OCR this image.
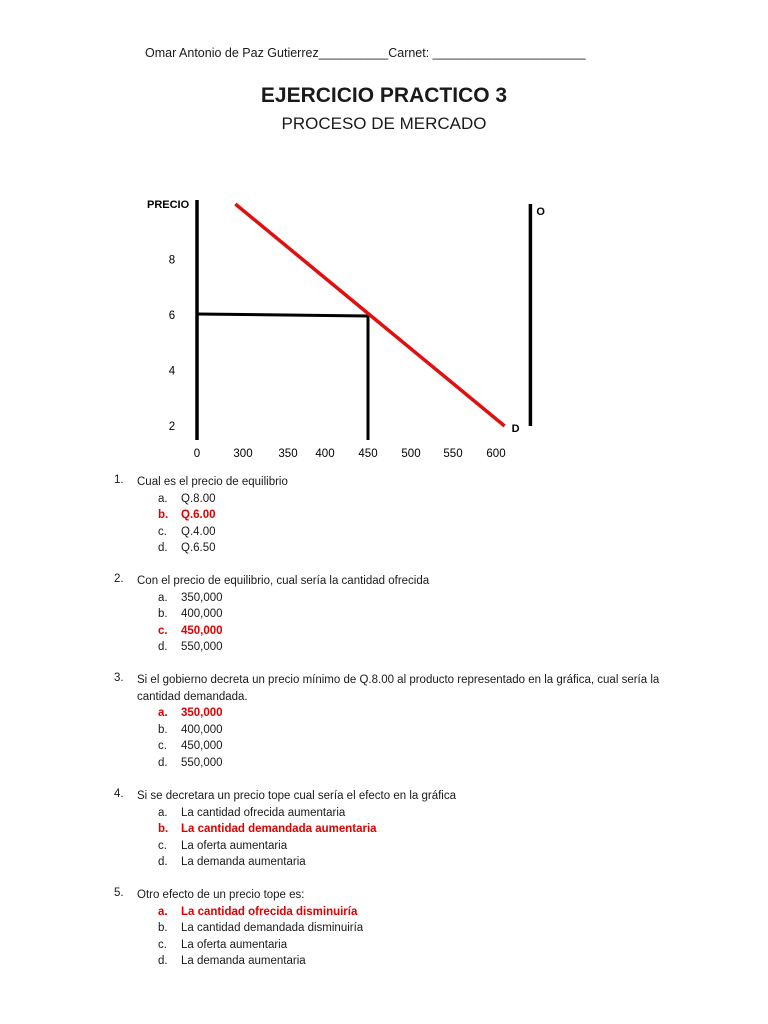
Omar Antonio de Paz Gutierrez__________Carnet: ______________________
EJERCICIO PRACTICO 3
PROCESO DE MERCADO
PRECIO
8
6
4
2
0	300 350 400 450 500 550 600
D
O
1. Cual es el precio de equilibrio
a. Q.8.00
b. Q.6.00
c. Q.4.00
d. Q.6.50
2. Con el precio de equilibrio, cual sería la cantidad ofrecida
a. 350,000
b. 400,000
c. 450,000
d. 550,000
3. Si el gobierno decreta un precio mínimo de Q.8.00 al producto representado en la gráfica, cual sería la cantidad demandada.
a. 350,000
b. 400,000
c. 450,000
d. 550,000
4. Si se decretara un precio tope cual sería el efecto en la gráfica
a. La cantidad ofrecida aumentaria
b. La cantidad demandada aumentaria
c. La oferta aumentaria
d. La demanda aumentaria
5. Otro efecto de un precio tope es:
a. La cantidad ofrecida disminuiría
b. La cantidad demandada disminuiría
c. La oferta aumentaria
d. La demanda aumentaria
